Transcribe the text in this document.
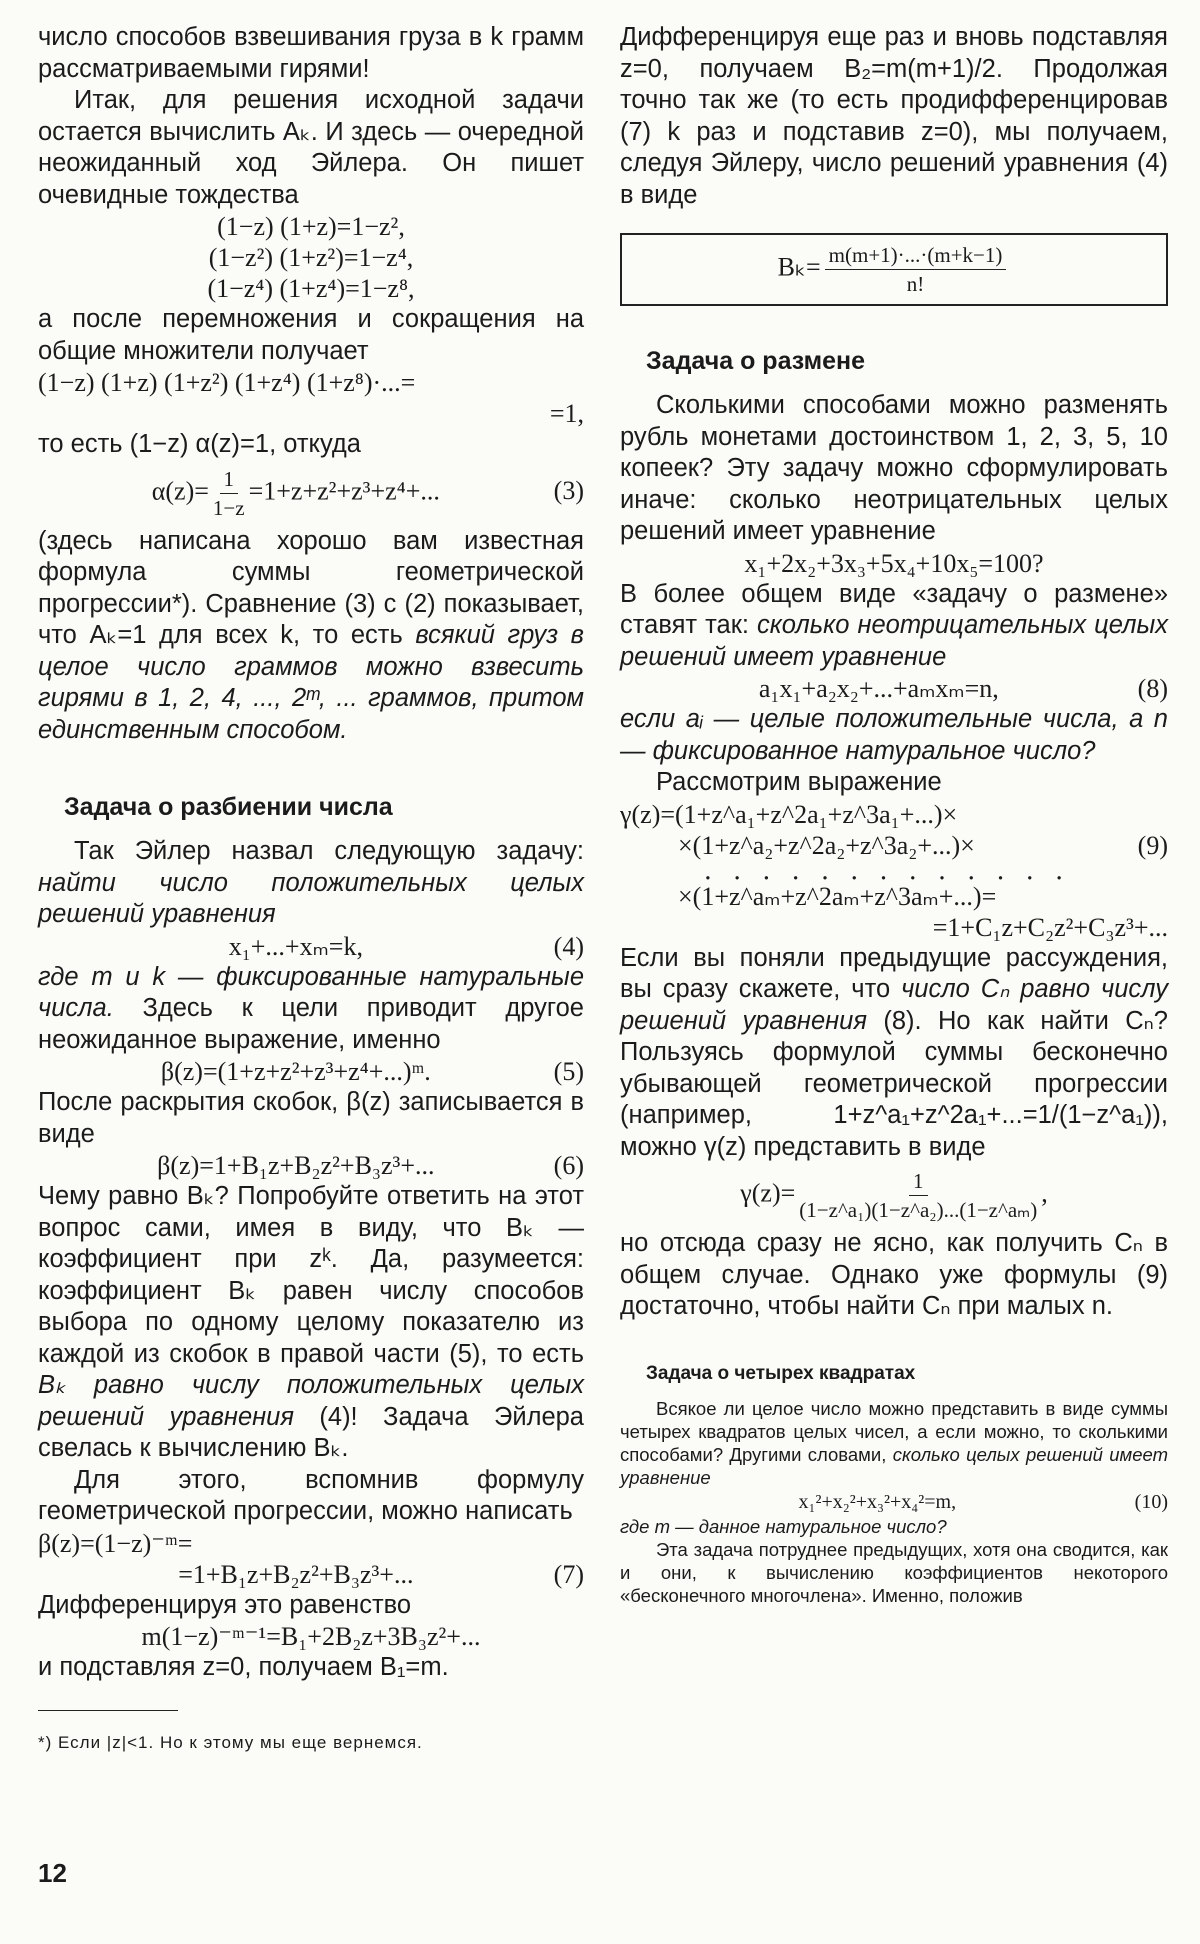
число способов взвешивания груза в k грамм рассматриваемыми гирями!
Итак, для решения исходной задачи остается вычислить Aₖ. И здесь — очередной неожиданный ход Эйлера. Он пишет очевидные тождества
(1−z) (1+z)=1−z²,
(1−z²) (1+z²)=1−z⁴,
(1−z⁴) (1+z⁴)=1−z⁸,
а после перемножения и сокращения на общие множители получает
(1−z) (1+z) (1+z²) (1+z⁴) (1+z⁸)·...=
=1,
то есть (1−z) α(z)=1, откуда
$\alpha(z)= \frac{1}{1-z} =1+z+z^2+z^3+z^4+$...	(3)
(здесь написана хорошо вам известная формула суммы геометрической прогрессии*). Сравнение (3) с (2) показывает, что Aₖ=1 для всех k, то есть всякий груз в целое число граммов можно взвесить гирями в 1, 2, 4, ..., 2ᵐ, ... граммов, притом единственным способом.
Задача о разбиении числа
Так Эйлер назвал следующую задачу: найти число положительных целых решений уравнения
x₁+...+xₘ=k,	(4)
где m и k — фиксированные натуральные числа. Здесь к цели приводит другое неожиданное выражение, именно
β(z)=(1+z+z²+z³+z⁴+...)ᵐ.	(5)
После раскрытия скобок, β(z) записывается в виде
β(z)=1+B₁z+B₂z²+B₃z³+...	(6)
Чему равно Bₖ? Попробуйте ответить на этот вопрос сами, имея в виду, что Bₖ — коэффициент при zᵏ. Да, разумеется: коэффициент Bₖ равен числу способов выбора по одному целому показателю из каждой из скобок в правой части (5), то есть Bₖ равно числу положительных целых решений уравнения (4)! Задача Эйлера свелась к вычислению Bₖ.
Для этого, вспомнив формулу геометрической прогрессии, можно написать
β(z)=(1−z)⁻ᵐ=
=1+B₁z+B₂z²+B₃z³+...	(7)
Дифференцируя это равенство
m(1−z)⁻ᵐ⁻¹=B₁+2B₂z+3B₃z²+...
и подставляя z=0, получаем B₁=m.
*) Если |z|<1. Но к этому мы еще вернемся.
Дифференцируя еще раз и вновь подставляя z=0, получаем B₂=m(m+1)/2. Продолжая точно так же (то есть продифференцировав (7) k раз и подставив z=0), мы получаем, следуя Эйлеру, число решений уравнения (4) в виде
$B_k= \frac{m(m+1)\cdot...\cdot(m+k-1)}{n!}$
Задача о размене
Сколькими способами можно разменять рубль монетами достоинством 1, 2, 3, 5, 10 копеек? Эту задачу можно сформулировать иначе: сколько неотрицательных целых решений имеет уравнение
x₁+2x₂+3x₃+5x₄+10x₅=100?
В более общем виде «задачу о размене» ставят так: сколько неотрицательных целых решений имеет уравнение
a₁x₁+a₂x₂+...+aₘxₘ=n,	(8)
если aᵢ — целые положительные числа, а n — фиксированное натуральное число?
Рассмотрим выражение
γ(z)=(1+z^a₁+z^2a₁+z^3a₁+...)×
×(1+z^a₂+z^2a₂+z^3a₂+...)×	(9)
.............
×(1+z^aₘ+z^2aₘ+z^3aₘ+...)=
=1+C₁z+C₂z²+C₃z³+...
Если вы поняли предыдущие рассуждения, вы сразу скажете, что число Cₙ равно числу решений уравнения (8). Но как найти Cₙ? Пользуясь формулой суммы бесконечно убывающей геометрической прогрессии (например, 1+z^a₁+z^2a₁+...=1/(1−z^a₁)), можно γ(z) представить в виде
$\gamma(z)= \frac{1}{\text{(1−z\textasciicircum{}a₁)(1−z\textasciicircum{}a₂)...(1−z\textasciicircum{}aₘ)}}$ ,
но отсюда сразу не ясно, как получить Cₙ в общем случае. Однако уже формулы (9) достаточно, чтобы найти Cₙ при малых n.
Задача о четырех квадратах
Всякое ли целое число можно представить в виде суммы четырех квадратов целых чисел, а если можно, то сколькими способами? Другими словами, сколько целых решений имеет уравнение
x₁²+x₂²+x₃²+x₄²=m,	(10)
где m — данное натуральное число?
Эта задача потруднее предыдущих, хотя она сводится, как и они, к вычислению коэффициентов некоторого «бесконечного многочлена». Именно, положив
12
